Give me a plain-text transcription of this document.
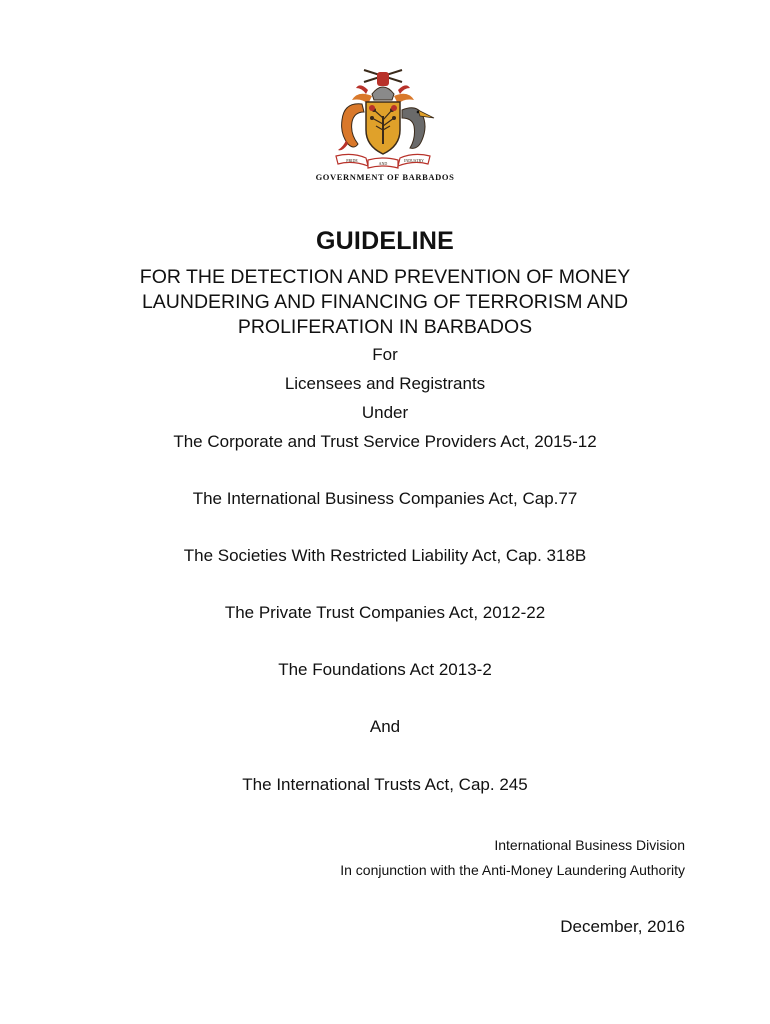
PRIDE
AND
INDUSTRY
GOVERNMENT OF BARBADOS
GUIDELINE
FOR THE DETECTION AND PREVENTION OF MONEY
LAUNDERING AND FINANCING OF TERRORISM AND
PROLIFERATION IN BARBADOS
For
Licensees and Registrants
Under
The Corporate and Trust Service Providers Act, 2015-12
The International Business Companies Act, Cap.77
The Societies With Restricted Liability Act, Cap. 318B
The Private Trust Companies Act, 2012-22
The Foundations Act 2013-2
And
The International Trusts Act, Cap. 245
International Business Division
In conjunction with the Anti-Money Laundering Authority
December, 2016
